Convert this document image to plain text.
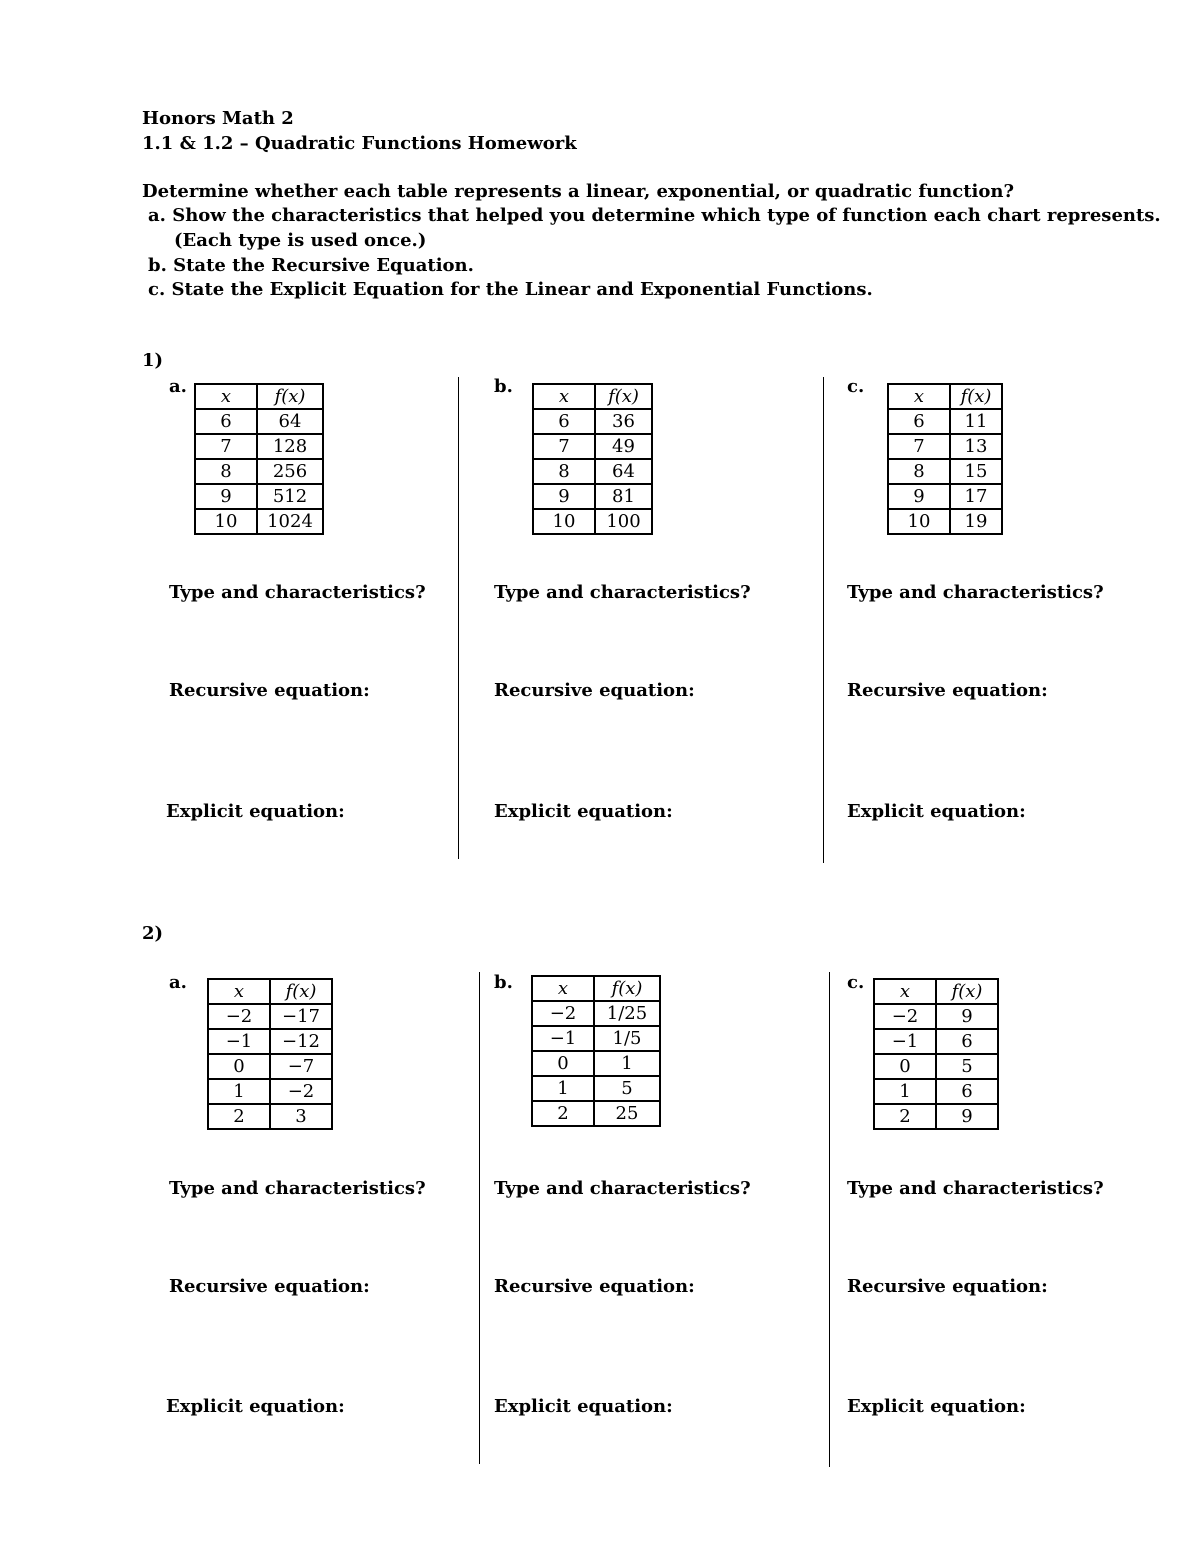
Honors Math 2
1.1 & 1.2 – Quadratic Functions Homework
Determine whether each table represents a linear, exponential, or quadratic function?
a. Show the characteristics that helped you determine which type of function each chart represents.
(Each type is used once.)
b. State the Recursive Equation.
c. State the Explicit Equation for the Linear and Exponential Functions.
1)
a. x	f(x)
6	64
7	128
8	256
9	512
10	1024
Type and characteristics?
Recursive equation:
Explicit equation:
b.	x	f(x)
6	36
7	49
8	64
9	81
10	100
Type and characteristics?
Recursive equation:
Explicit equation:
c.	x	f(x)
6	11
7	13
8	15
9	17
10	19
Type and characteristics?
Recursive equation:
Explicit equation:
2)
a.	x	f(x)
−2	−17
−1	−12
0	−7
1	−2
2	3
Type and characteristics?
Recursive equation:
Explicit equation:
b.	x	f(x)
−2	1/25
−1	1/5
0	1
1	5
2	25
Type and characteristics?
Recursive equation:
Explicit equation:
c. x	f(x)
−2	9
−1	6
0	5
1	6
2	9
Type and characteristics?
Recursive equation:
Explicit equation:
